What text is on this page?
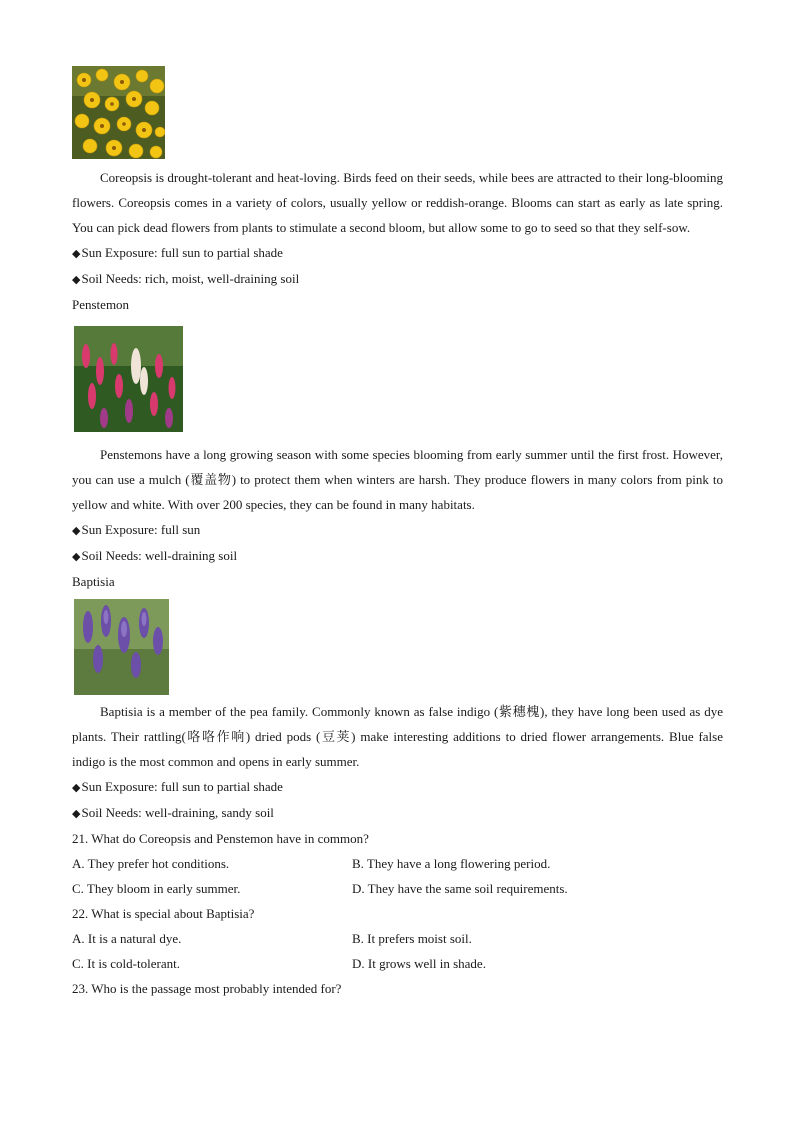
Coreopsis is drought-tolerant and heat-loving. Birds feed on their seeds, while bees are attracted to their long-blooming flowers. Coreopsis comes in a variety of colors, usually yellow or reddish-orange. Blooms can start as early as late spring. You can pick dead flowers from plants to stimulate a second bloom, but allow some to go to seed so that they self-sow.

◆Sun Exposure: full sun to partial shade

◆Soil Needs: rich, moist, well-draining soil

Penstemon

Penstemons have a long growing season with some species blooming from early summer until the first frost. However, you can use a mulch (覆盖物) to protect them when winters are harsh. They produce flowers in many colors from pink to yellow and white. With over 200 species, they can be found in many habitats.

◆Sun Exposure: full sun

◆Soil Needs: well-draining soil

Baptisia

Baptisia is a member of the pea family. Commonly known as false indigo (紫穗槐), they have long been used as dye plants. Their rattling(咯咯作响) dried pods (豆荚) make interesting additions to dried flower arrangements. Blue false indigo is the most common and opens in early summer.

◆Sun Exposure: full sun to partial shade

◆Soil Needs: well-draining, sandy soil

21. What do Coreopsis and Penstemon have in common?

A. They prefer hot conditions.	B. They have a long flowering period.
C. They bloom in early summer.	D. They have the same soil requirements.

22. What is special about Baptisia?

A. It is a natural dye.	B. It prefers moist soil.
C. It is cold-tolerant.	D. It grows well in shade.

23. Who is the passage most probably intended for?
